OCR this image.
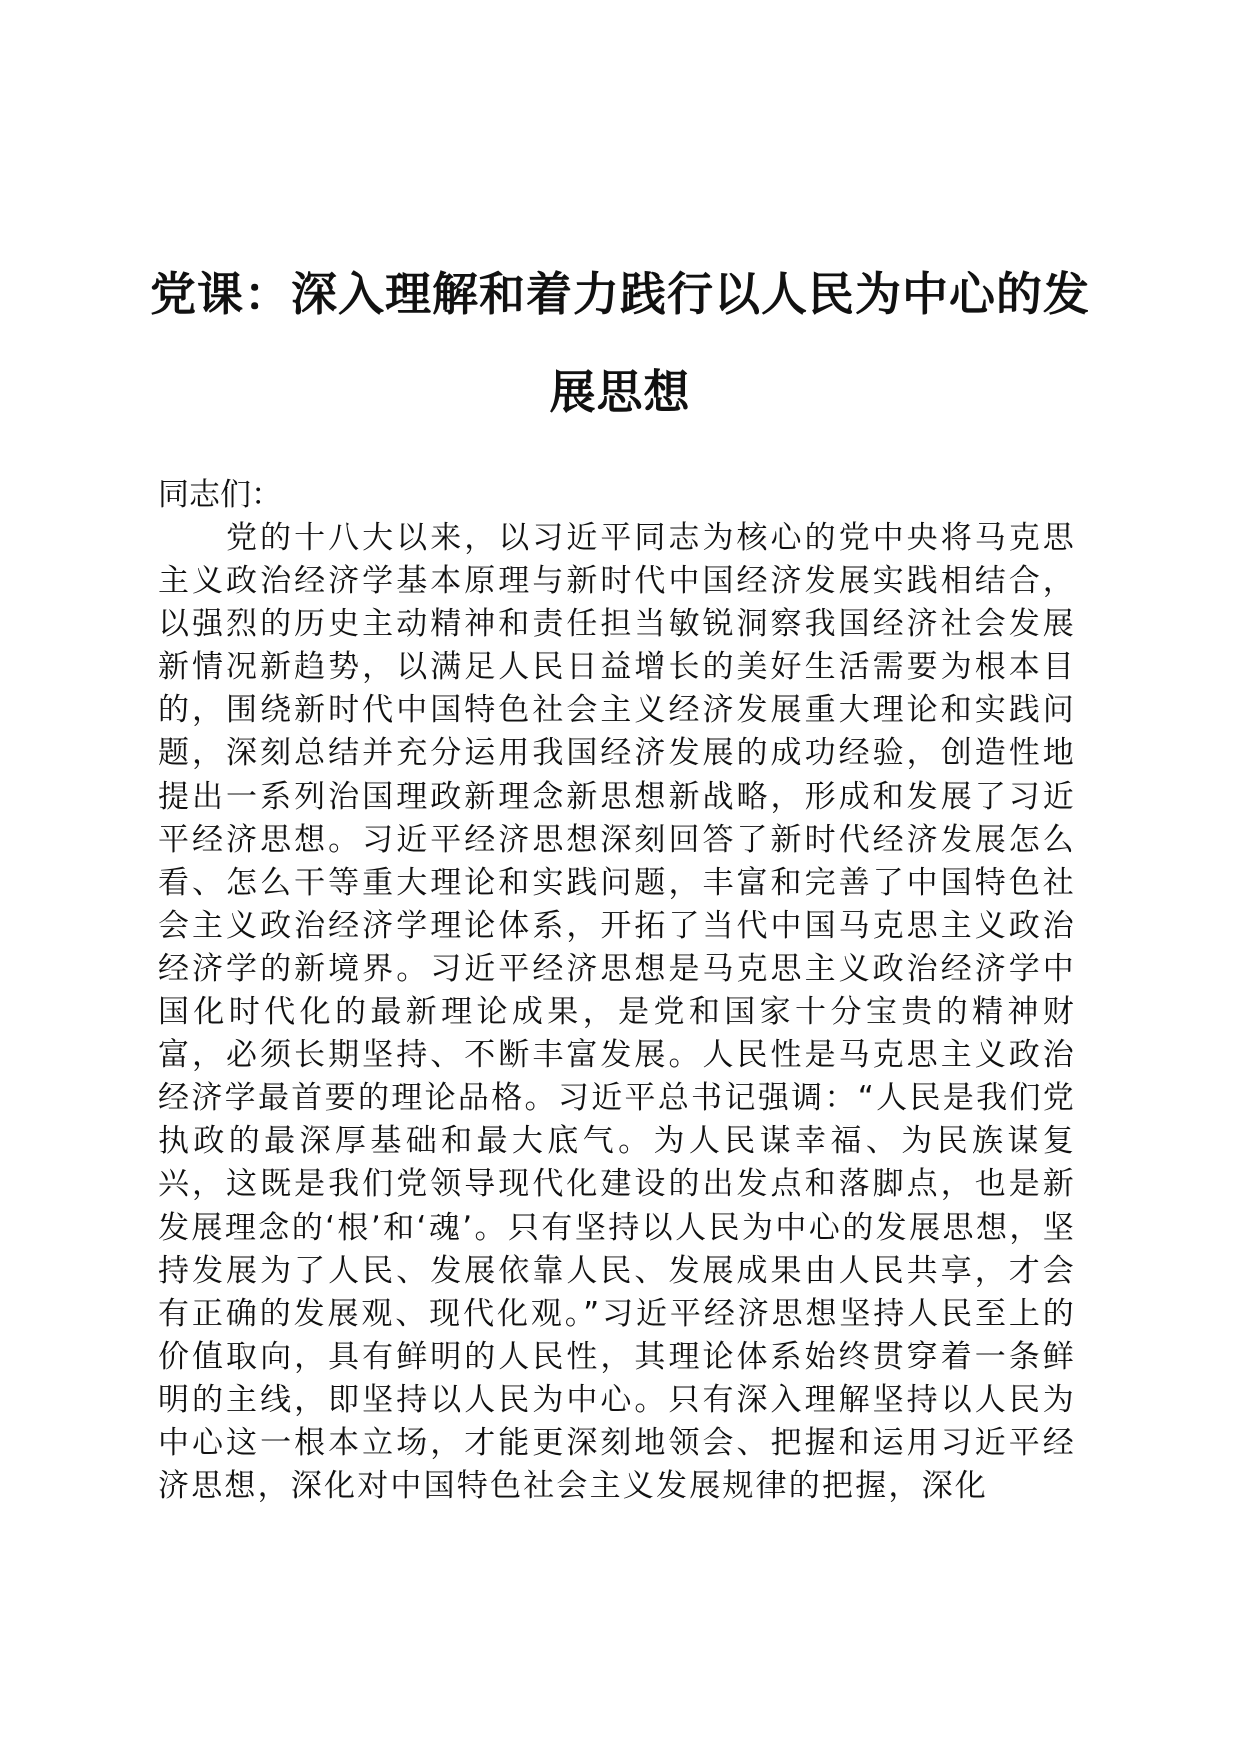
党课：深入理解和着力践行以人民为中心的发展思想

同志们：

党的十八大以来，以习近平同志为核心的党中央将马克思主义政治经济学基本原理与新时代中国经济发展实践相结合，以强烈的历史主动精神和责任担当敏锐洞察我国经济社会发展新情况新趋势，以满足人民日益增长的美好生活需要为根本目的，围绕新时代中国特色社会主义经济发展重大理论和实践问题，深刻总结并充分运用我国经济发展的成功经验，创造性地提出一系列治国理政新理念新思想新战略，形成和发展了习近平经济思想。习近平经济思想深刻回答了新时代经济发展怎么看、怎么干等重大理论和实践问题，丰富和完善了中国特色社会主义政治经济学理论体系，开拓了当代中国马克思主义政治经济学的新境界。习近平经济思想是马克思主义政治经济学中国化时代化的最新理论成果，是党和国家十分宝贵的精神财富，必须长期坚持、不断丰富发展。人民性是马克思主义政治经济学最首要的理论品格。习近平总书记强调：“人民是我们党执政的最深厚基础和最大底气。为人民谋幸福、为民族谋复兴，这既是我们党领导现代化建设的出发点和落脚点，也是新发展理念的‘根’和‘魂’。只有坚持以人民为中心的发展思想，坚持发展为了人民、发展依靠人民、发展成果由人民共享，才会有正确的发展观、现代化观。”习近平经济思想坚持人民至上的价值取向，具有鲜明的人民性，其理论体系始终贯穿着一条鲜明的主线，即坚持以人民为中心。只有深入理解坚持以人民为中心这一根本立场，才能更深刻地领会、把握和运用习近平经济思想，深化对中国特色社会主义发展规律的把握，深化
